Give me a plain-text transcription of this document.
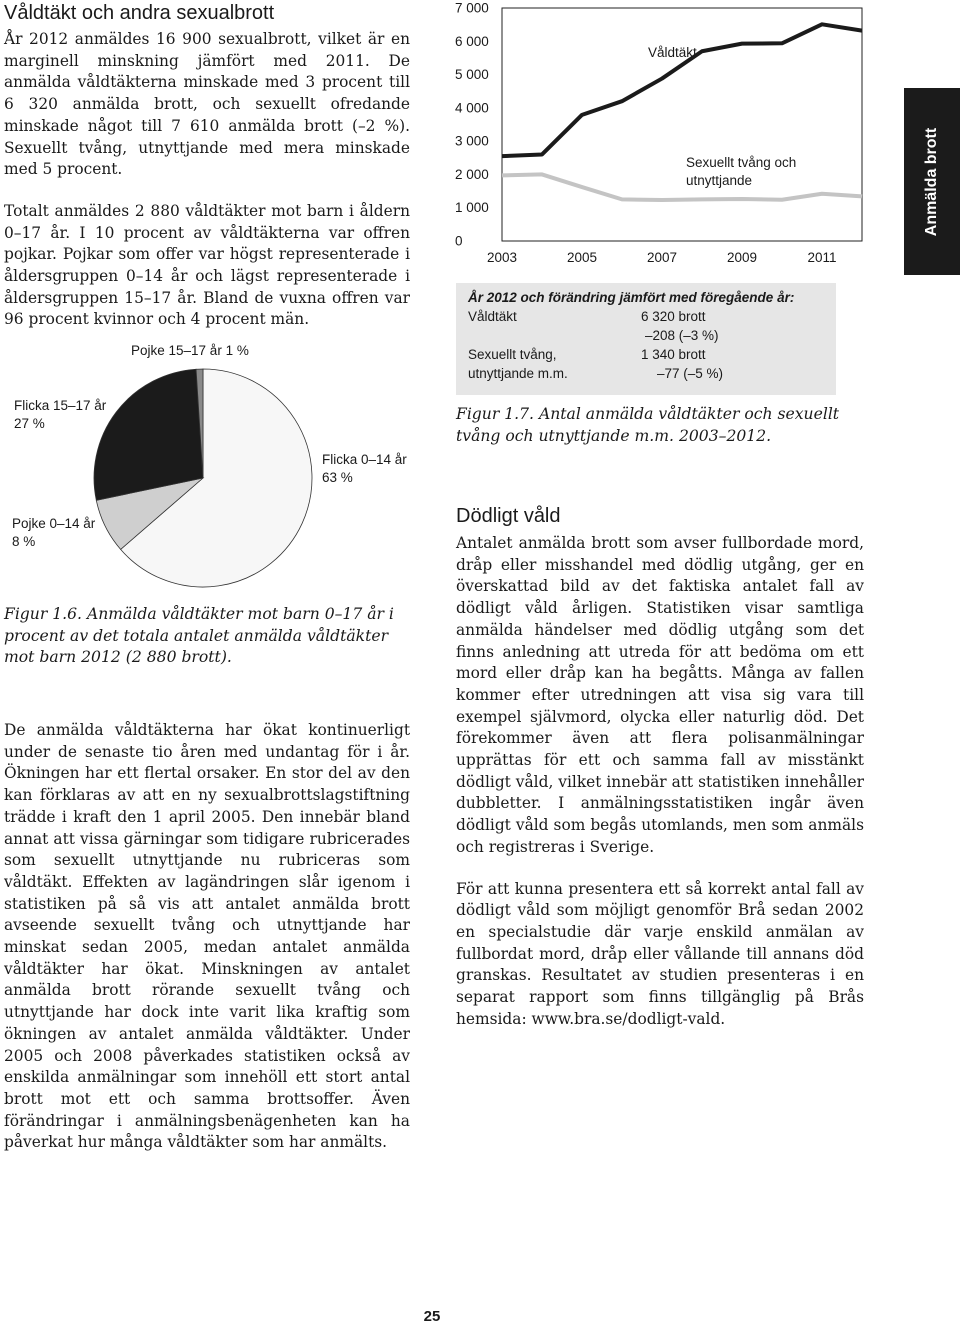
Våldtäkt och andra sexualbrott

År 2012 anmäldes 16 900 sexualbrott, vilket är en marginell minskning jämfört med 2011. De anmälda våldtäkterna minskade med 3 procent till 6 320 anmälda brott, och sexuellt ofredande minskade något till 7 610 anmälda brott (–2 %). Sexuellt tvång, utnyttjande med mera minskade med 5 procent.

Totalt anmäldes 2 880 våldtäkter mot barn i åldern 0–17 år. I 10 procent av våldtäkterna var offren pojkar. Pojkar som offer var högst representerade i åldersgruppen 0–14 år och lägst representerade i åldersgruppen 15–17 år. Bland de vuxna offren var 96 procent kvinnor och 4 procent män.

Pojke 15–17 år 1 %
Flicka 15–17 år
27 %
Flicka 0–14 år
63 %
Pojke 0–14 år
8 %

Figur 1.6. Anmälda våldtäkter mot barn 0–17 år i procent av det totala antalet anmälda våldtäkter mot barn 2012 (2 880 brott).

De anmälda våldtäkterna har ökat kontinuerligt under de senaste tio åren med undantag för i år. Ökningen har ett flertal orsaker. En stor del av den kan förklaras av att en ny sexualbrottslagstiftning trädde i kraft den 1 april 2005. Den innebär bland annat att vissa gärningar som tidigare rubricerades som sexuellt utnyttjande nu rubriceras som våldtäkt. Effekten av lagändringen slår igenom i statistiken på så vis att antalet anmälda brott avseende sexuellt tvång och utnyttjande har minskat sedan 2005, medan antalet anmälda våldtäkter har ökat. Minskningen av antalet anmälda brott rörande sexuellt tvång och utnyttjande har dock inte varit lika kraftig som ökningen av antalet anmälda våldtäkter. Under 2005 och 2008 påverkades statistiken också av enskilda anmälningar som innehöll ett stort antal brott mot ett och samma brottsoffer. Även förändringar i anmälningsbenägenheten kan ha påverkat hur många våldtäkter som har anmälts.

0
1 000
2 000
3 000
4 000
5 000
6 000
7 000
2003	2005	2007	2009	2011
Våldtäkt
Sexuellt tvång och
utnyttjande
År 2012 och förändring jämfört med föregående år:
Våldtäkt	6 320 brott
–208 (–3 %)
Sexuellt tvång,	1 340 brott
utnyttjande m.m.	–77 (–5 %)

Figur 1.7. Antal anmälda våldtäkter och sexuellt tvång och utnyttjande m.m. 2003–2012.

Anmälda brott
Dödligt våld

Antalet anmälda brott som avser fullbordade mord, dråp eller misshandel med dödlig utgång, ger en överskattad bild av det faktiska antalet fall av dödligt våld årligen. Statistiken visar samtliga anmälda händelser med dödlig utgång som det finns anledning att utreda för att bedöma om ett mord eller dråp kan ha begåtts. Många av fallen kommer efter utredningen att visa sig vara till exempel självmord, olycka eller naturlig död. Det förekommer även att flera polisanmälningar upprättas för ett och samma fall av misstänkt dödligt våld, vilket innebär att statistiken innehåller dubbletter. I anmälningsstatistiken ingår även dödligt våld som begås utomlands, men som anmäls och registreras i Sverige.

För att kunna presentera ett så korrekt antal fall av dödligt våld som möjligt genomför Brå sedan 2002 en specialstudie där varje enskild anmälan av fullbordat mord, dråp eller vållande till annans död granskas. Resultatet av studien presenteras i en separat rapport som finns tillgänglig på Brås hemsida: www.bra.se/dodligt-vald.

25
